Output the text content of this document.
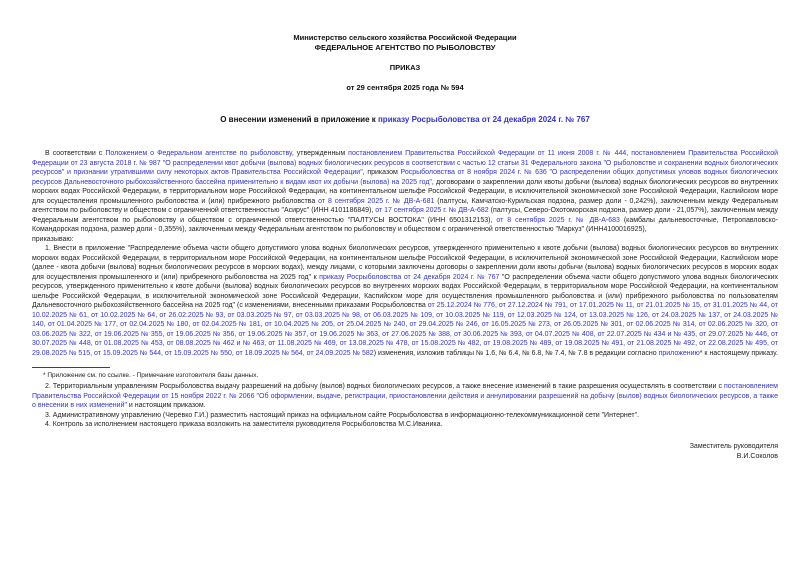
Министерство сельского хозяйства Российской Федерации
ФЕДЕРАЛЬНОЕ АГЕНТСТВО ПО РЫБОЛОВСТВУ
ПРИКАЗ
от 29 сентября 2025 года № 594
О внесении изменений в приложение к приказу Росрыболовства от 24 декабря 2024 г. № 767

В соответствии с Положением о Федеральном агентстве по рыболовству, утвержденным постановлением Правительства Российской Федерации от 11 июня 2008 г. № 444, постановлением Правительства Российской Федерации от 23 августа 2018 г. № 987 "О распределении квот добычи (вылова) водных биологических ресурсов в соответствии с частью 12 статьи 31 Федерального закона "О рыболовстве и сохранении водных биологических ресурсов" и признании утратившими силу некоторых актов Правительства Российской Федерации", приказом Росрыболовства от 8 ноября 2024 г. № 636 "О распределении общих допустимых уловов водных биологических ресурсов Дальневосточного рыбохозяйственного бассейна применительно к видам квот их добычи (вылова) на 2025 год", договорами о закреплении доли квоты добычи (вылова) водных биологических ресурсов во внутренних морских водах Российской Федерации, в территориальном море Российской Федерации, на континентальном шельфе Российской Федерации, в исключительной экономической зоне Российской Федерации, Каспийском море для осуществления промышленного рыболовства и (или) прибрежного рыболовства от 8 сентября 2025 г. № ДВ-А-681 (палтусы, Камчатско-Курильская подзона, размер доли - 0,242%), заключенным между Федеральным агентством по рыболовству и обществом с ограниченной ответственностью "Асирус" (ИНН 4101186849), от 17 сентября 2025 г. № ДВ-А-682 (палтусы, Северо-Охотоморская подзона, размер доли - 21,057%), заключенным между Федеральным агентством по рыболовству и обществом с ограниченной ответственностью "ПАЛТУСЫ ВОСТОКА" (ИНН 6501312153), от 8 сентября 2025 г. № ДВ-А-683 (камбалы дальневосточные, Петропавловско-Командорская подзона, размер доли - 0,355%), заключенным между Федеральным агентством по рыболовству и обществом с ограниченной ответственностью "Маркуз" (ИНН4100016925),

приказываю:

1. Внести в приложение "Распределение объема части общего допустимого улова водных биологических ресурсов, утвержденного применительно к квоте добычи (вылова) водных биологических ресурсов во внутренних морских водах Российской Федерации, в территориальном море Российской Федерации, на континентальном шельфе Российской Федерации, в исключительной экономической зоне Российской Федерации, Каспийском море (далее - квота добычи (вылова) водных биологических ресурсов в морских водах), между лицами, с которыми заключены договоры о закреплении доли квоты добычи (вылова) водных биологических ресурсов в морских водах для осуществления промышленного и (или) прибрежного рыболовства на 2025 год" к приказу Росрыболовства от 24 декабря 2024 г. № 767 "О распределении объема части общего допустимого улова водных биологических ресурсов, утвержденного применительно к квоте добычи (вылова) водных биологических ресурсов во внутренних морских водах Российской Федерации, в территориальном море Российской Федерации, на континентальном шельфе Российской Федерации, в исключительной экономической зоне Российской Федерации, Каспийском море для осуществления промышленного рыболовства и (или) прибрежного рыболовства по пользователям Дальневосточного рыбохозяйственного бассейна на 2025 год" (с изменениями, внесенными приказами Росрыболовства от 25.12.2024 № 776, от 27.12.2024 № 791, от 17.01.2025 № 11, от 21.01.2025 № 15, от 31.01.2025 № 44, от 10.02.2025 № 61, от 10.02.2025 № 64, от 26.02.2025 № 93, от 03.03.2025 № 97, от 03.03.2025 № 98, от 06.03.2025 № 109, от 10.03.2025 № 119, от 12.03.2025 № 124, от 13.03.2025 № 126, от 24.03.2025 № 137, от 24.03.2025 № 140, от 01.04.2025 № 177, от 02.04.2025 № 180, от 02.04.2025 № 181, от 10.04.2025 № 205, от 25.04.2025 № 240, от 29.04.2025 № 246, от 16.05.2025 № 273, от 26.05.2025 № 301, от 02.06.2025 № 314, от 02.06.2025 № 320, от 03.06.2025 № 322, от 19.06.2025 № 355, от 19.06.2025 № 356, от 19.06.2025 № 357, от 19.06.2025 № 363, от 27.06.2025 № 388, от 30.06.2025 № 393, от 04.07.2025 № 408, от 22.07.2025 № 434 и № 435, от 29.07.2025 № 446, от 30.07.2025 № 448, от 01.08.2025 № 453, от 08.08.2025 № 462 и № 463, от 11.08.2025 № 469, от 13.08.2025 № 478, от 15.08.2025 № 482, от 19.08.2025 № 489, от 19.08.2025 № 491, от 21.08.2025 № 492, от 22.08.2025 № 495, от 29.08.2025 № 515, от 15.09.2025 № 544, от 15.09.2025 № 550, от 18.09.2025 № 564, от 24.09.2025 № 582) изменения, изложив таблицы № 1.6, № 6.4, № 6.8, № 7.4, № 7.8 в редакции согласно приложению* к настоящему приказу.

* Приложение см. по ссылке. - Примечание изготовителя базы данных.

2. Территориальным управлениям Росрыболовства выдачу разрешений на добычу (вылов) водных биологических ресурсов, а также внесение изменений в такие разрешения осуществлять в соответствии с постановлением Правительства Российской Федерации от 15 ноября 2022 г. № 2066 "Об оформлении, выдаче, регистрации, приостановлении действия и аннулировании разрешений на добычу (вылов) водных биологических ресурсов, а также о внесении в них изменений" и настоящим приказом.

3. Административному управлению (Черевко Г.И.) разместить настоящий приказ на официальном сайте Росрыболовства в информационно-телекоммуникационной сети "Интернет".

4. Контроль за исполнением настоящего приказа возложить на заместителя руководителя Росрыболовства М.С.Иваника.

Заместитель руководителя
В.И.Соколов
